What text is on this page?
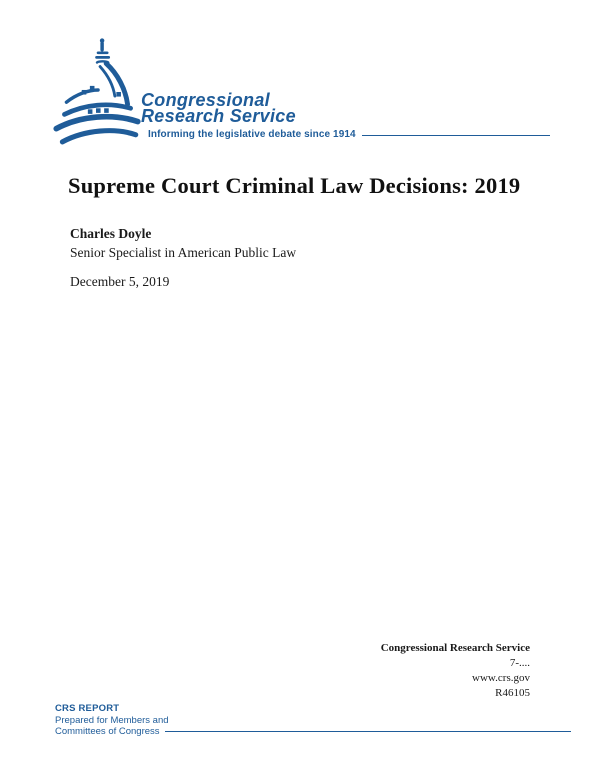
Congressional
Research Service
Informing the legislative debate since 1914
Supreme Court Criminal Law Decisions: 2019
Charles Doyle
Senior Specialist in American Public Law
December 5, 2019
Congressional Research Service
7-....
www.crs.gov
R46105
CRS REPORT
Prepared for Members and
Committees of Congress
